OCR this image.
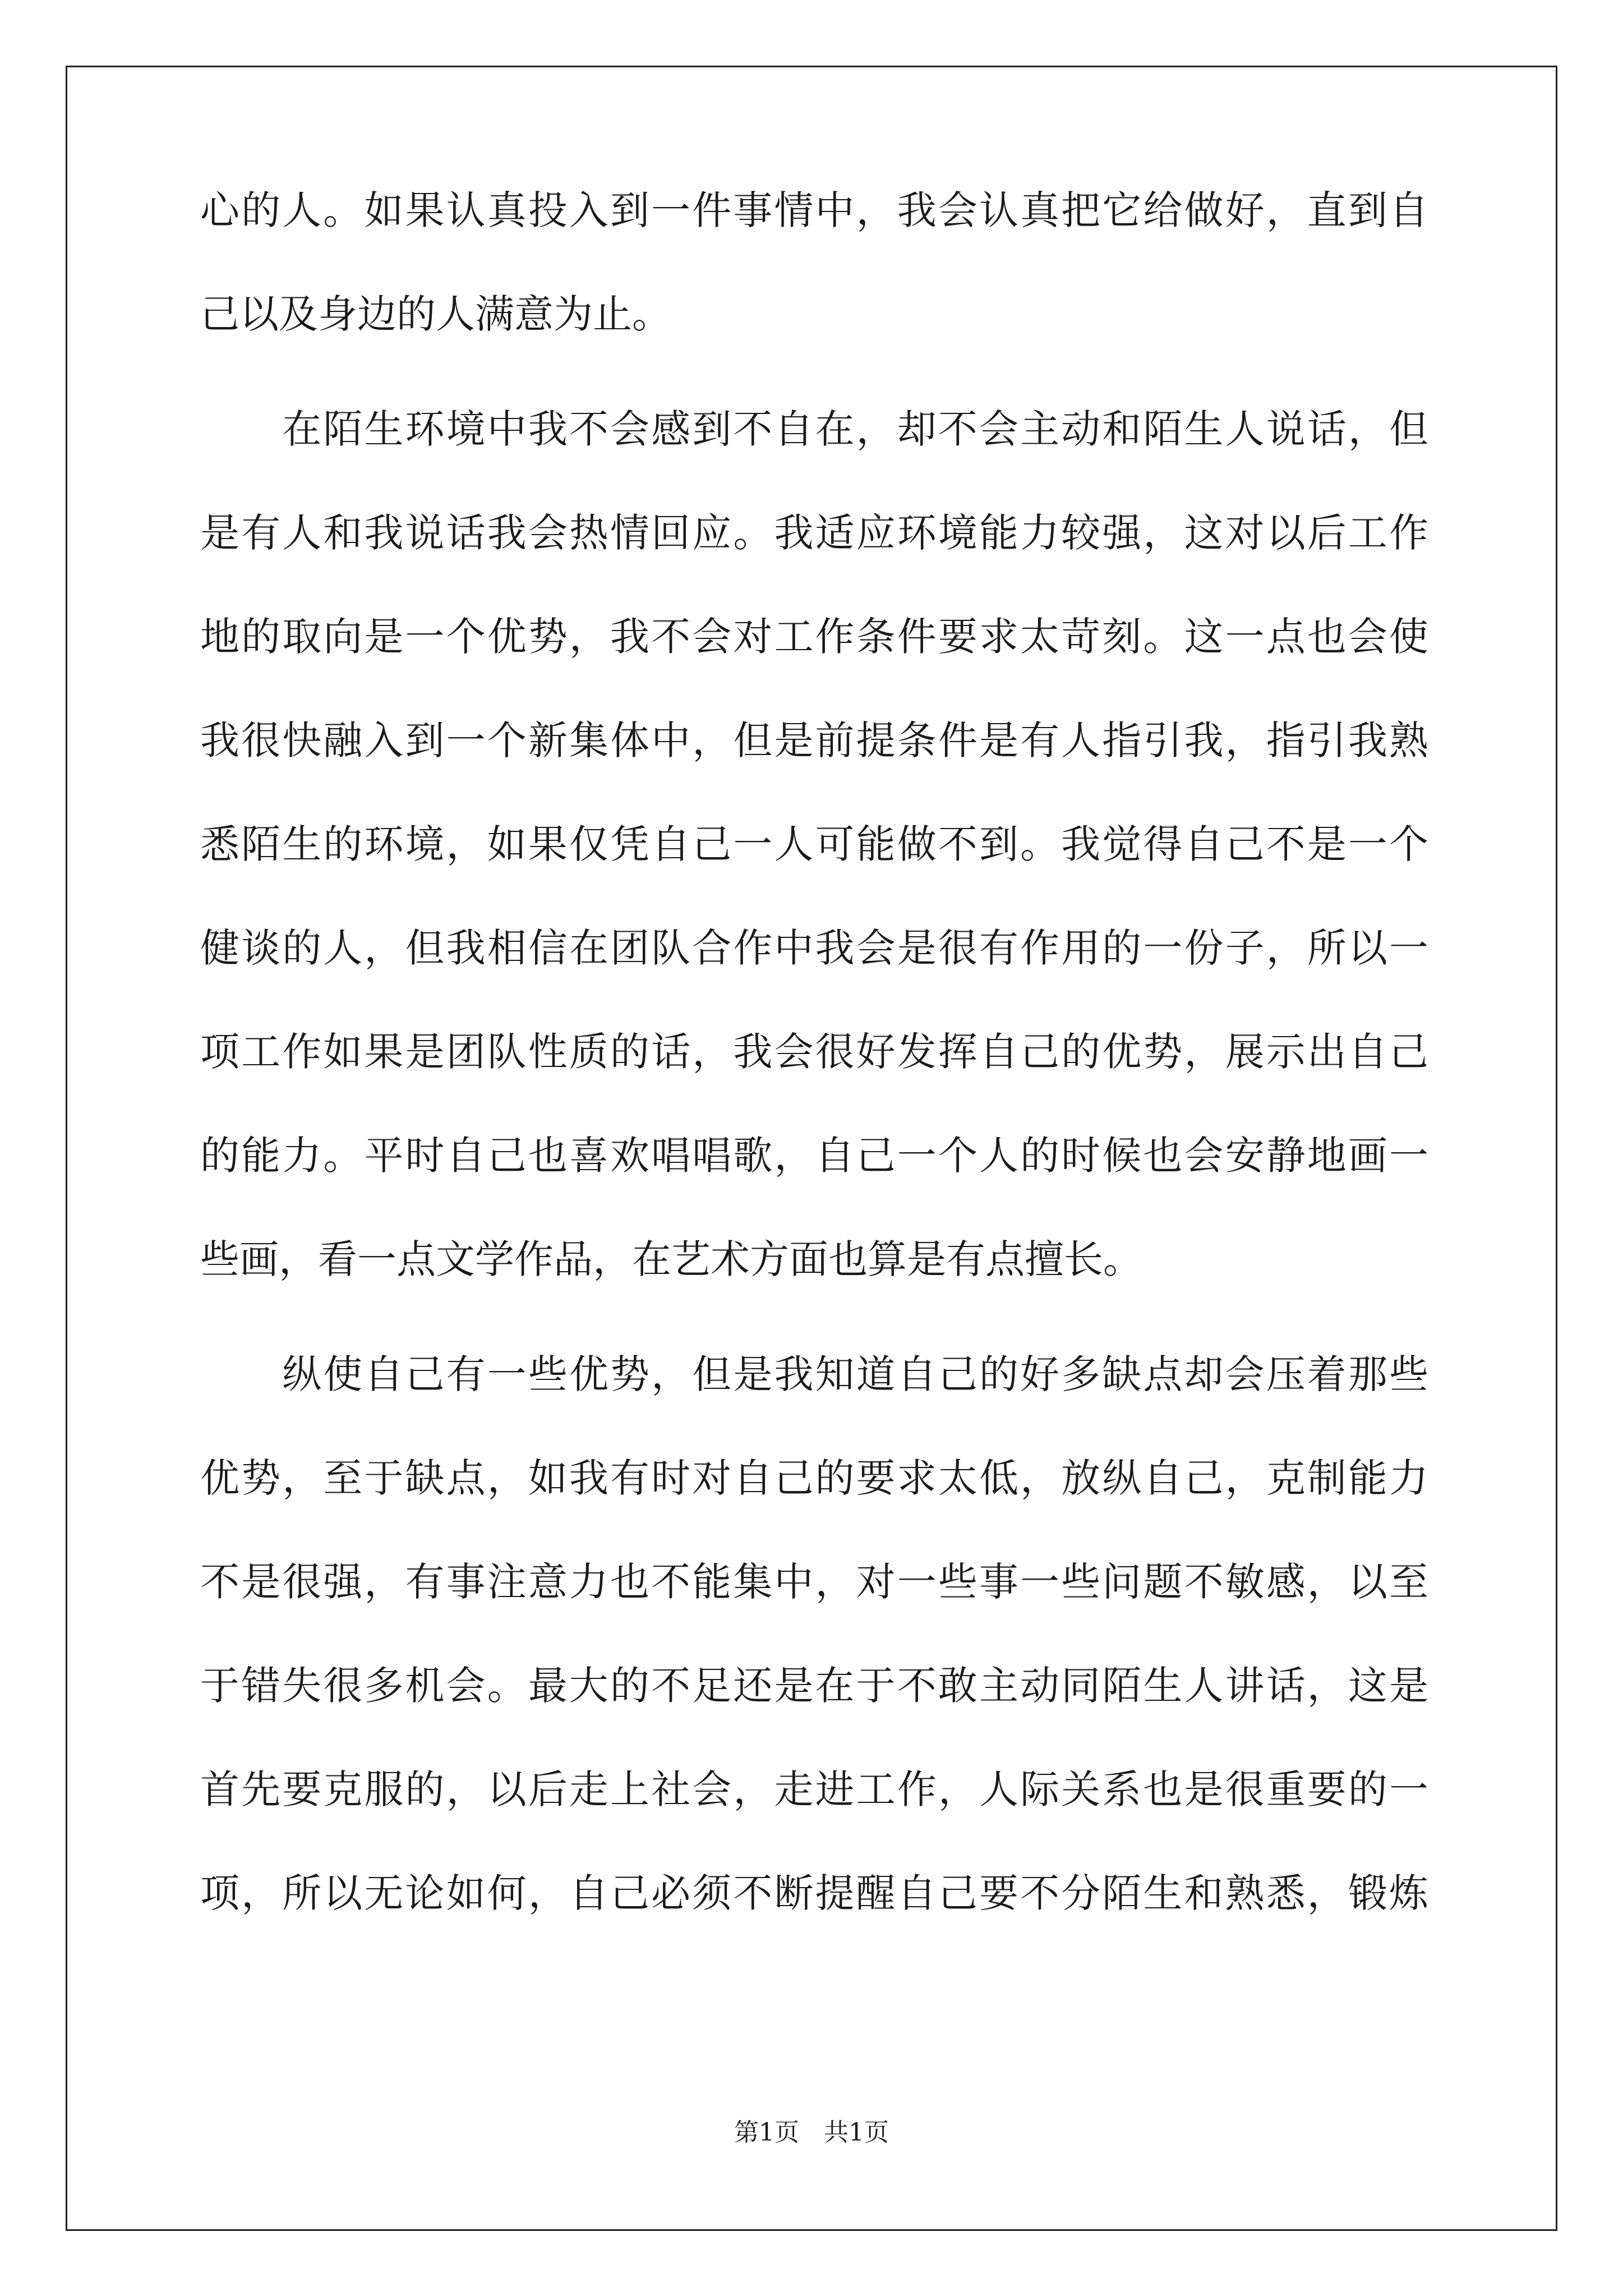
心的人。如果认真投入到一件事情中，我会认真把它给做好，直到自
己以及身边的人满意为止。
　　在陌生环境中我不会感到不自在，却不会主动和陌生人说话，但
是有人和我说话我会热情回应。我适应环境能力较强，这对以后工作
地的取向是一个优势，我不会对工作条件要求太苛刻。这一点也会使
我很快融入到一个新集体中，但是前提条件是有人指引我，指引我熟
悉陌生的环境，如果仅凭自己一人可能做不到。我觉得自己不是一个
健谈的人，但我相信在团队合作中我会是很有作用的一份子，所以一
项工作如果是团队性质的话，我会很好发挥自己的优势，展示出自己
的能力。平时自己也喜欢唱唱歌，自己一个人的时候也会安静地画一
些画，看一点文学作品，在艺术方面也算是有点擅长。
　　纵使自己有一些优势，但是我知道自己的好多缺点却会压着那些
优势，至于缺点，如我有时对自己的要求太低，放纵自己，克制能力
不是很强，有事注意力也不能集中，对一些事一些问题不敏感，以至
于错失很多机会。最大的不足还是在于不敢主动同陌生人讲话，这是
首先要克服的，以后走上社会，走进工作，人际关系也是很重要的一
项，所以无论如何，自己必须不断提醒自己要不分陌生和熟悉，锻炼
第1页　共1页
